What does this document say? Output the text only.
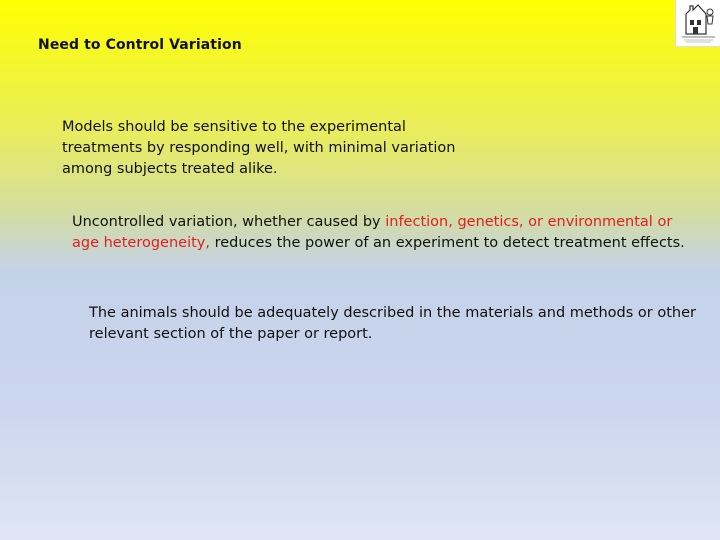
Need to Control Variation

Models should be sensitive to the experimental treatments by responding well, with minimal variation among subjects treated alike.

Uncontrolled variation, whether caused by infection, genetics, or environmental or age heterogeneity, reduces the power of an experiment to detect treatment effects.

The animals should be adequately described in the materials and methods or other relevant section of the paper or report.
